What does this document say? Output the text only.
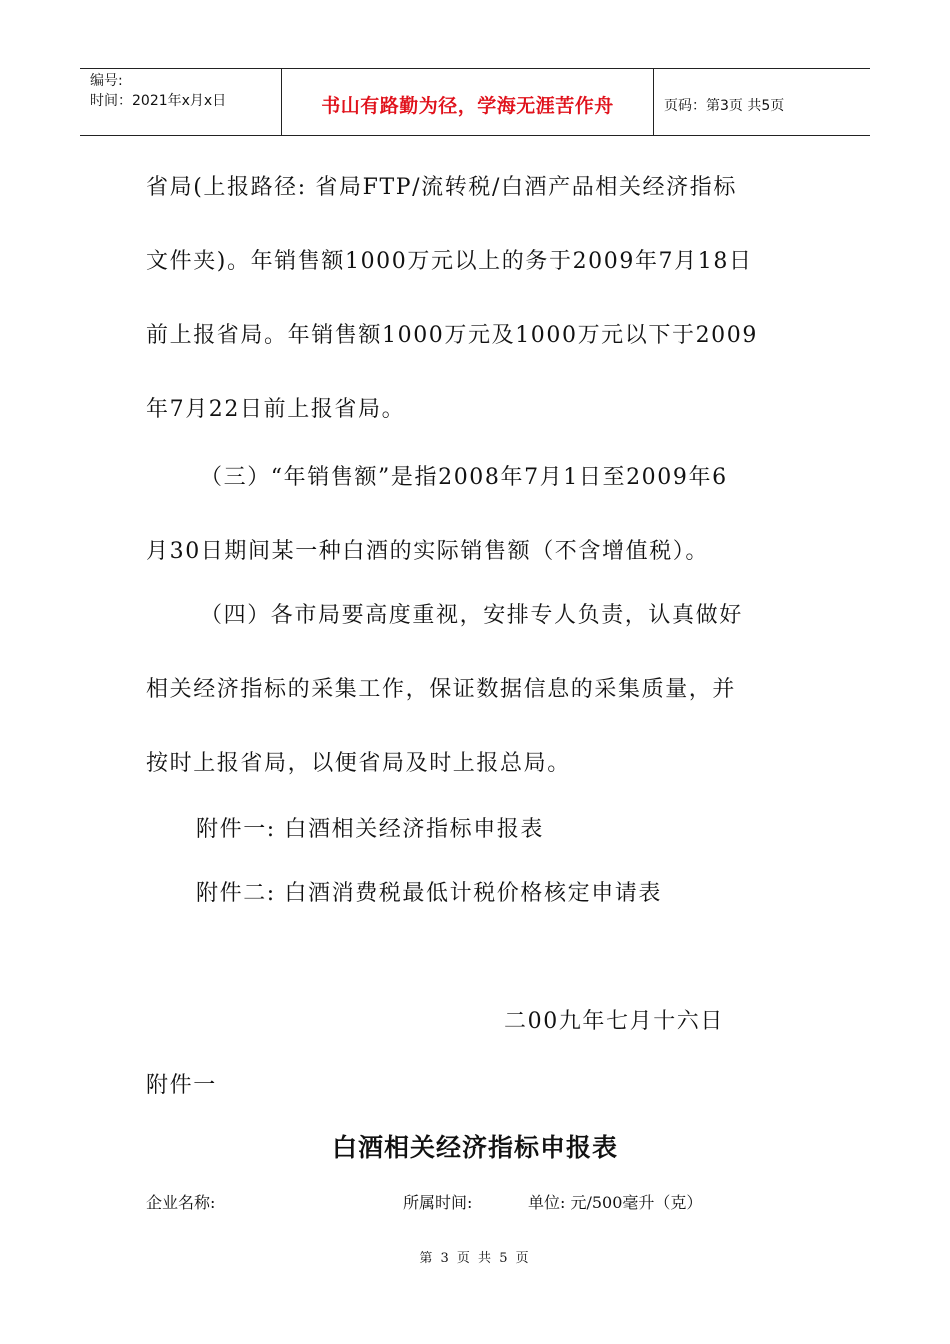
编号:
时间：2021年x月x日	书山有路勤为径，学海无涯苦作舟	页码：第3页 共5页
省局(上报路径: 省局FTP/流转税/白酒产品相关经济指标
文件夹)。年销售额1000万元以上的务于2009年7月18日
前上报省局。年销售额1000万元及1000万元以下于2009
年7月22日前上报省局。
（三）“年销售额”是指2008年7月1日至2009年6
月30日期间某一种白酒的实际销售额（不含增值税）。
（四）各市局要高度重视，安排专人负责，认真做好
相关经济指标的采集工作，保证数据信息的采集质量，并
按时上报省局，以便省局及时上报总局。
附件一: 白酒相关经济指标申报表
附件二: 白酒消费税最低计税价格核定申请表
二00九年七月十六日
附件一
白酒相关经济指标申报表
企业名称:	所属时间:	单位: 元/500毫升（克）
第 3 页 共 5 页
